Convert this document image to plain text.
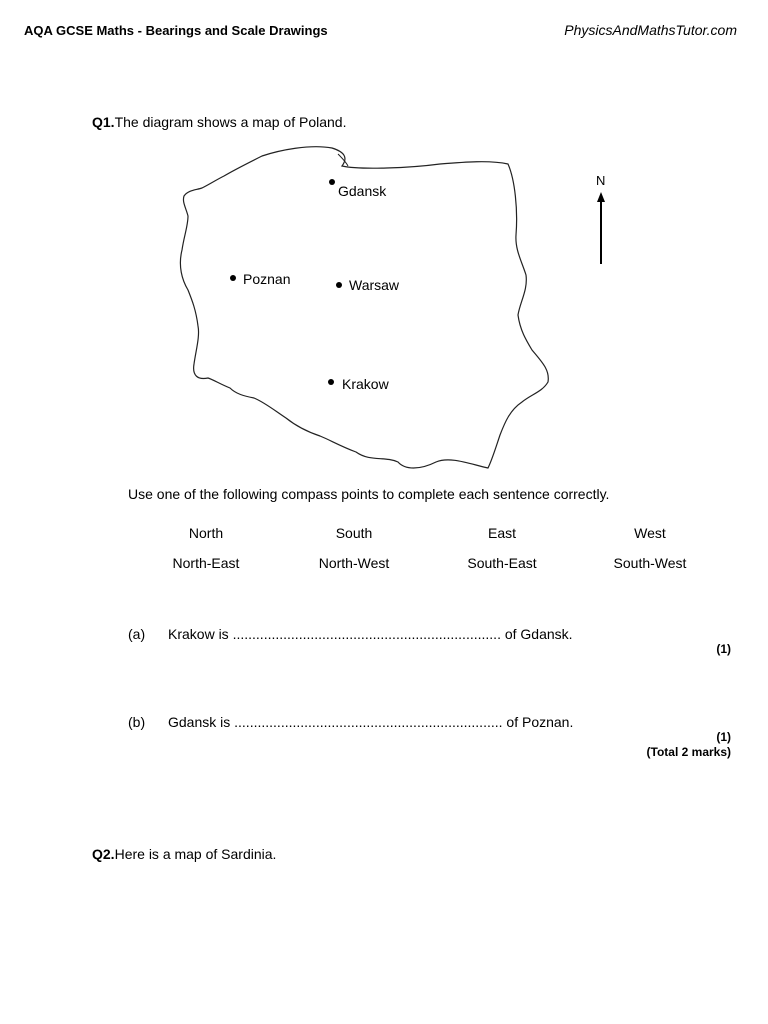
AQA GCSE Maths - Bearings and Scale Drawings	PhysicsAndMathsTutor.com
Q1.The diagram shows a map of Poland.
Gdansk
Poznan	Warsaw
Krakow
N
Use one of the following compass points to complete each sentence correctly.
North	South	East	West
North-East	North-West	South-East	South-West
(a) Krakow is ..................................................................... of Gdansk.
(1)
(b) Gdansk is ..................................................................... of Poznan.
(1)
(Total 2 marks)
Q2.Here is a map of Sardinia.
